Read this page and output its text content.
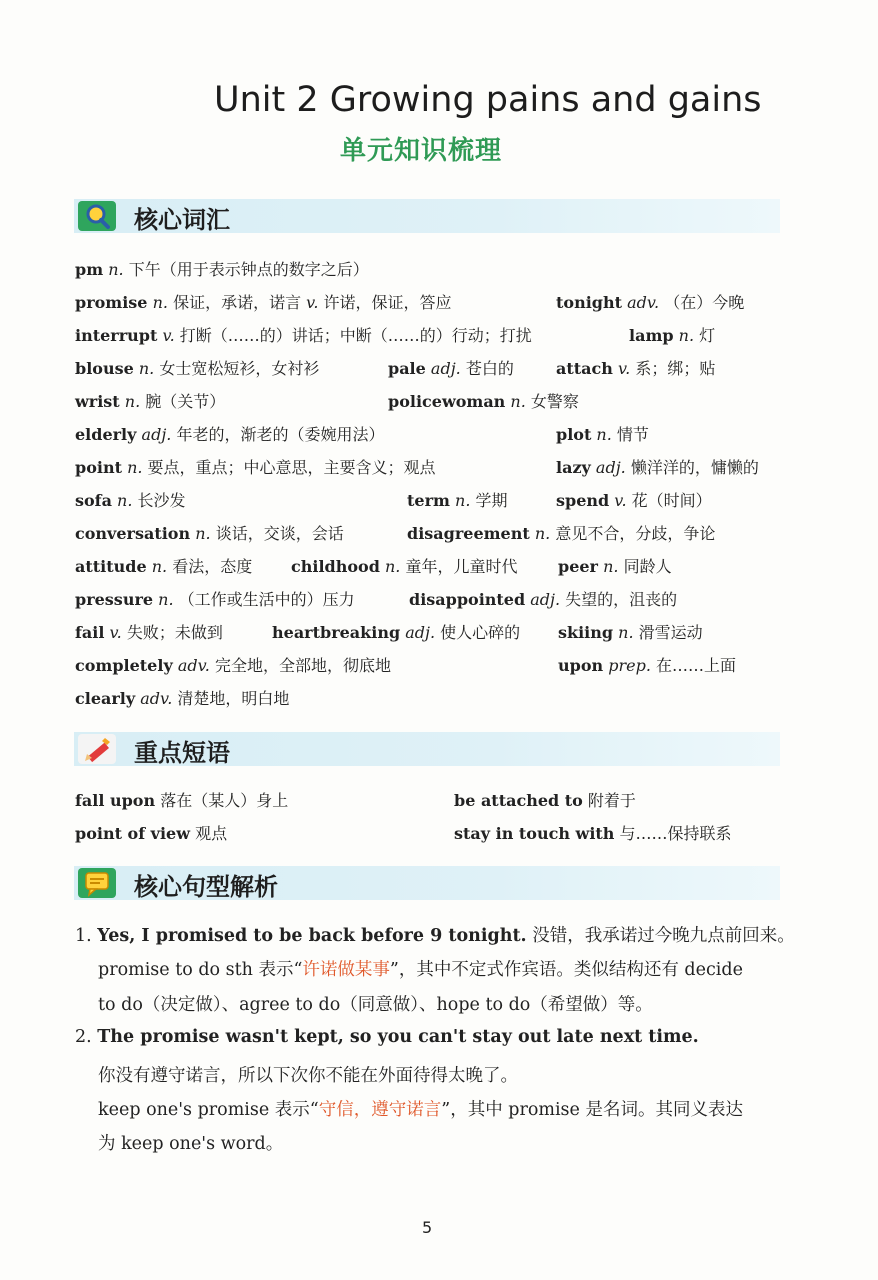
Unit 2 Growing pains and gains
单元知识梳理
核心词汇
pm n. 下午（用于表示钟点的数字之后）
promise n. 保证，承诺，诺言 v. 许诺，保证，答应	tonight adv. （在）今晚
interrupt v. 打断（……的）讲话；中断（……的）行动；打扰	lamp n. 灯
blouse n. 女士宽松短衫，女衬衫	pale adj. 苍白的	attach v. 系；绑；贴
wrist n. 腕（关节）	policewoman n. 女警察
elderly adj. 年老的，渐老的（委婉用法）	plot n. 情节
point n. 要点，重点；中心意思，主要含义；观点	lazy adj. 懒洋洋的，慵懒的
sofa n. 长沙发	term n. 学期	spend v. 花（时间）
conversation n. 谈话，交谈，会话	disagreement n. 意见不合，分歧，争论
attitude n. 看法，态度 childhood n. 童年，儿童时代	peer n. 同龄人
pressure n. （工作或生活中的）压力	disappointed adj. 失望的，沮丧的
fail v. 失败；未做到	heartbreaking adj. 使人心碎的 skiing n. 滑雪运动
completely adv. 完全地，全部地，彻底地	upon prep. 在……上面
clearly adv. 清楚地，明白地
重点短语
fall upon 落在（某人）身上	be attached to 附着于
point of view 观点	stay in touch with 与……保持联系
核心句型解析
1. Yes, I promised to be back before 9 tonight. 没错，我承诺过今晚九点前回来。
promise to do sth 表示“许诺做某事”，其中不定式作宾语。类似结构还有 decide
to do（决定做）、agree to do（同意做）、hope to do（希望做）等。
2. The promise wasn't kept, so you can't stay out late next time.
你没有遵守诺言，所以下次你不能在外面待得太晚了。
keep one's promise 表示“守信，遵守诺言”，其中 promise 是名词。其同义表达
为 keep one's word。
5
